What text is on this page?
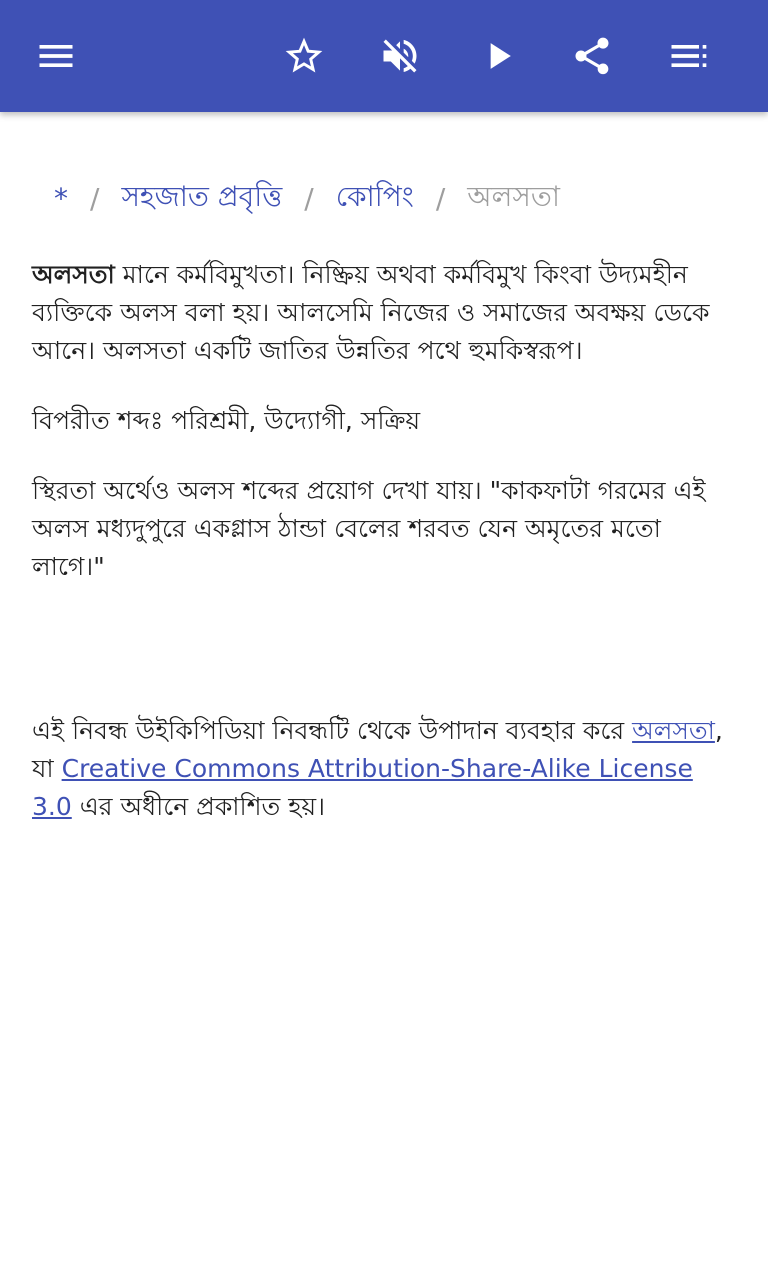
* / সহজাত প্রবৃত্তি / কোপিং / অলসতা

অলসতা মানে কর্মবিমুখতা। নিষ্ক্রিয় অথবা কর্মবিমুখ কিংবা উদ্যমহীন ব্যক্তিকে অলস বলা হয়। আলসেমি নিজের ও সমাজের অবক্ষয় ডেকে আনে। অলসতা একটি জাতির উন্নতির পথে হুমকিস্বরূপ।

বিপরীত শব্দঃ পরিশ্রমী, উদ্যোগী, সক্রিয়

স্থিরতা অর্থেও অলস শব্দের প্রয়োগ দেখা যায়। "কাকফাটা গরমের এই অলস মধ্যদুপুরে একগ্লাস ঠান্ডা বেলের শরবত যেন অমৃতের মতো লাগে।"

এই নিবন্ধ উইকিপিডিয়া নিবন্ধটি থেকে উপাদান ব্যবহার করে অলসতা, যা Creative Commons Attribution-Share-Alike License 3.0 এর অধীনে প্রকাশিত হয়।
